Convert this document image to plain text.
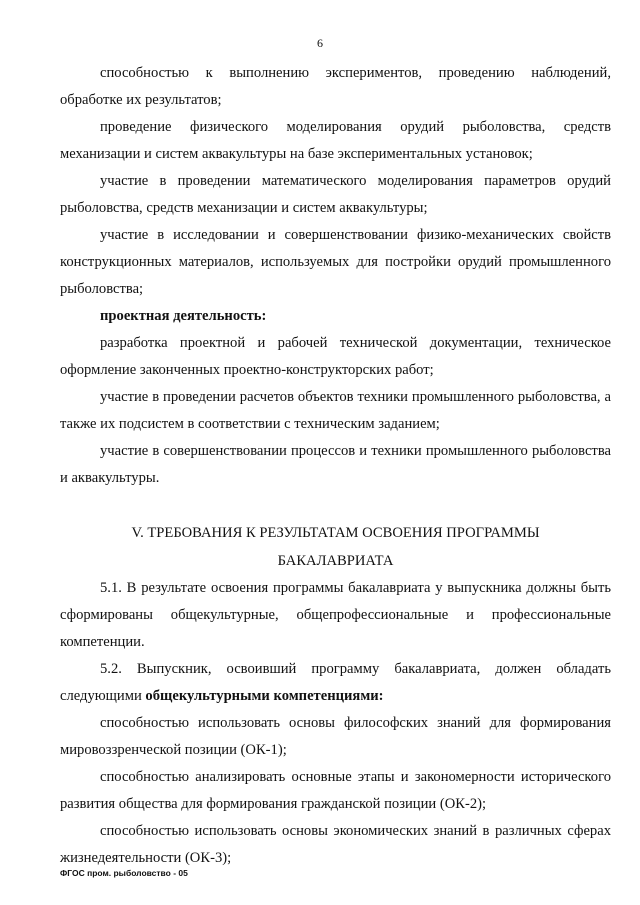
6

способностью к выполнению экспериментов, проведению наблюдений, обработке их результатов;

проведение физического моделирования орудий рыболовства, средств механизации и систем аквакультуры на базе экспериментальных установок;

участие в проведении математического моделирования параметров орудий рыболовства, средств механизации и систем аквакультуры;

участие в исследовании и совершенствовании физико-механических свойств конструкционных материалов, используемых для постройки орудий промышленного рыболовства;

проектная деятельность:

разработка проектной и рабочей технической документации, техническое оформление законченных проектно-конструкторских работ;

участие в проведении расчетов объектов техники промышленного рыболовства, а также их подсистем в соответствии с техническим заданием;

участие в совершенствовании процессов и техники промышленного рыболовства и аквакультуры.

V. ТРЕБОВАНИЯ К РЕЗУЛЬТАТАМ ОСВОЕНИЯ ПРОГРАММЫ БАКАЛАВРИАТА

5.1. В результате освоения программы бакалавриата у выпускника должны быть сформированы общекультурные, общепрофессиональные и профессиональные компетенции.

5.2. Выпускник, освоивший программу бакалавриата, должен обладать следующими общекультурными компетенциями:

способностью использовать основы философских знаний для формирования мировоззренческой позиции (ОК-1);

способностью анализировать основные этапы и закономерности исторического развития общества для формирования гражданской позиции (ОК-2);

способностью использовать основы экономических знаний в различных сферах жизнедеятельности (ОК-3);

ФГОС пром. рыболовство - 05
